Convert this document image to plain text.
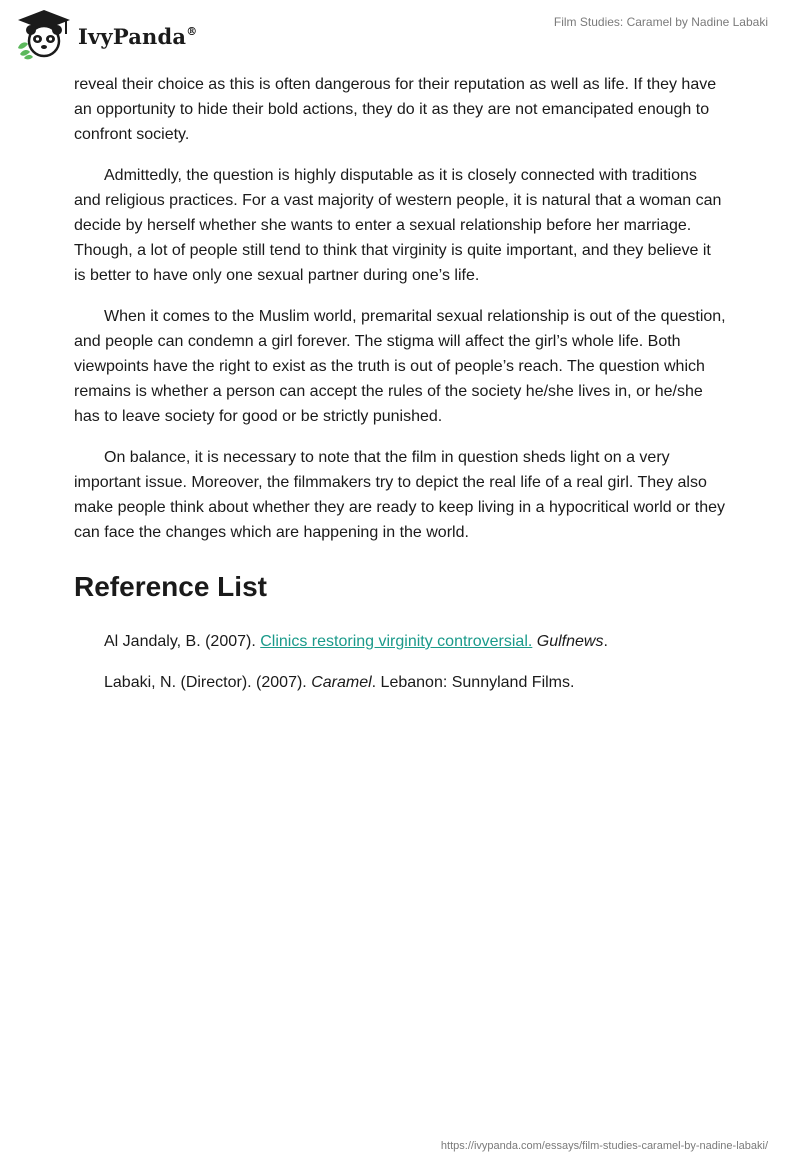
IvyPanda®
Film Studies: Caramel by Nadine Labaki

reveal their choice as this is often dangerous for their reputation as well as life. If they have an opportunity to hide their bold actions, they do it as they are not emancipated enough to confront society.

Admittedly, the question is highly disputable as it is closely connected with traditions and religious practices. For a vast majority of western people, it is natural that a woman can decide by herself whether she wants to enter a sexual relationship before her marriage. Though, a lot of people still tend to think that virginity is quite important, and they believe it is better to have only one sexual partner during one’s life.

When it comes to the Muslim world, premarital sexual relationship is out of the question, and people can condemn a girl forever. The stigma will affect the girl’s whole life. Both viewpoints have the right to exist as the truth is out of people’s reach. The question which remains is whether a person can accept the rules of the society he/she lives in, or he/she has to leave society for good or be strictly punished.

On balance, it is necessary to note that the film in question sheds light on a very important issue. Moreover, the filmmakers try to depict the real life of a real girl. They also make people think about whether they are ready to keep living in a hypocritical world or they can face the changes which are happening in the world.

Reference List
Al Jandaly, B. (2007). Clinics restoring virginity controversial. Gulfnews.
Labaki, N. (Director). (2007). Caramel. Lebanon: Sunnyland Films.
https://ivypanda.com/essays/film-studies-caramel-by-nadine-labaki/
